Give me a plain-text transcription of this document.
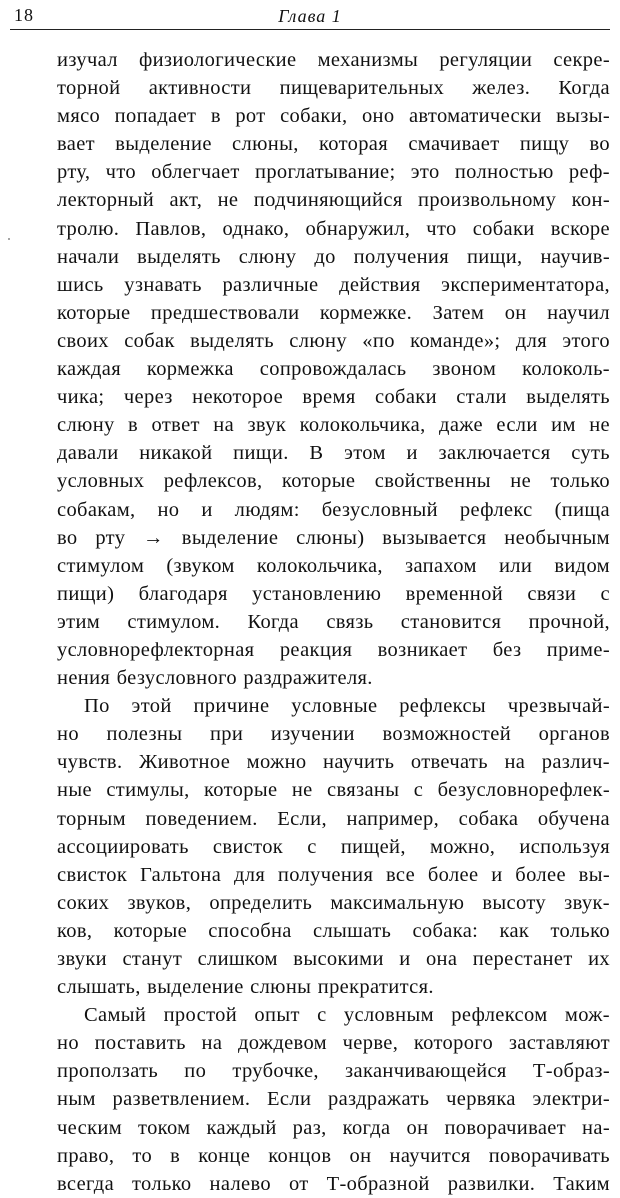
18	Глава 1
изучал физиологические механизмы регуляции секре-
торной активности пищеварительных желез. Когда
мясо попадает в рот собаки, оно автоматически вызы-
вает выделение слюны, которая смачивает пищу во
рту, что облегчает проглатывание; это полностью реф-
лекторный акт, не подчиняющийся произвольному кон-
тролю. Павлов, однако, обнаружил, что собаки вскоре
начали выделять слюну до получения пищи, научив-
шись узнавать различные действия экспериментатора,
которые предшествовали кормежке. Затем он научил
своих собак выделять слюну «по команде»; для этого
каждая кормежка сопровождалась звоном колоколь-
чика; через некоторое время собаки стали выделять
слюну в ответ на звук колокольчика, даже если им не
давали никакой пищи. В этом и заключается суть
условных рефлексов, которые свойственны не только
собакам, но и людям: безусловный рефлекс (пища
во рту → выделение слюны) вызывается необычным
стимулом (звуком колокольчика, запахом или видом
пищи) благодаря установлению временной связи с
этим стимулом. Когда связь становится прочной,
условнорефлекторная реакция возникает без приме-
нения безусловного раздражителя.
По этой причине условные рефлексы чрезвычай-
но полезны при изучении возможностей органов
чувств. Животное можно научить отвечать на различ-
ные стимулы, которые не связаны с безусловнорефлек-
торным поведением. Если, например, собака обучена
ассоциировать свисток с пищей, можно, используя
свисток Гальтона для получения все более и более вы-
соких звуков, определить максимальную высоту звук-
ков, которые способна слышать собака: как только
звуки станут слишком высокими и она перестанет их
слышать, выделение слюны прекратится.
Самый простой опыт с условным рефлексом мож-
но поставить на дождевом черве, которого заставляют
проползать по трубочке, заканчивающейся Т-образ-
ным разветвлением. Если раздражать червяка электри-
ческим током каждый раз, когда он поворачивает на-
право, то в конце концов он научится поворачивать
всегда только налево от Т-образной развилки. Таким
